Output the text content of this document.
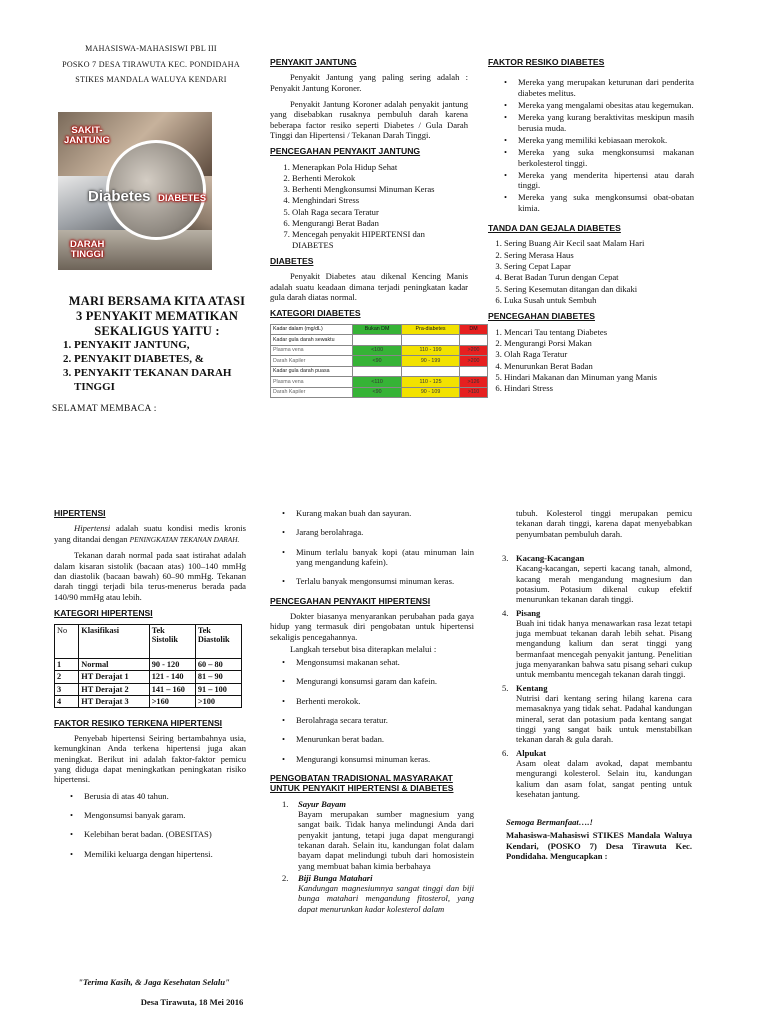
MAHASISWA-MAHASISWI PBL III
POSKO 7 DESA TIRAWUTA KEC. PONDIDAHA
STIKES MANDALA WALUYA KENDARI
SAKIT-
JANTUNG
Diabetes DIABETES
DARAH
TINGGI
MARI BERSAMA KITA ATASI
3 PENYAKIT MEMATIKAN
SEKALIGUS YAITU :
1. PENYAKIT JANTUNG,
2. PENYAKIT DIABETES, &
3. PENYAKIT TEKANAN DARAH TINGGI
SELAMAT MEMBACA :
PENYAKIT JANTUNG
Penyakit Jantung yang paling sering adalah : Penyakit Jantung Koroner.
Penyakit Jantung Koroner adalah penyakit jantung yang disebabkan rusaknya pembuluh darah karena beberapa factor resiko seperti Diabetes / Gula Darah Tinggi dan Hipertensi / Tekanan Darah Tinggi.
PENCEGAHAN PENYAKIT JANTUNG
1. Menerapkan Pola Hidup Sehat
2. Berhenti Merokok
3. Berhenti Mengkonsumsi Minuman Keras
4. Menghindari Stress
5. Olah Raga secara Teratur
6. Mengurangi Berat Badan
7. Mencegah penyakit HIPERTENSI dan DIABETES
DIABETES
Penyakit Diabetes atau dikenal Kencing Manis adalah suatu keadaan dimana terjadi peningkatan kadar gula darah diatas normal.
KATEGORI DIABETES
Kadar dalam (mg/dL)	Bukan DM	Pra-diabetes	DM
Kadar gula darah sewaktu			
Plasma vena	<100	110 - 199	>200
Darah Kapiler	<90	90 - 199	>200
Kadar gula darah puasa			
Plasma vena	<110	110 - 125	>126
Darah Kapiler	<90	90 - 109	>110
FAKTOR RESIKO DIABETES
• Mereka yang merupakan keturunan dari penderita diabetes melitus.
• Mereka yang mengalami obesitas atau kegemukan.
• Mereka yang kurang beraktivitas meskipun masih berusia muda.
• Mereka yang memiliki kebiasaan merokok.
• Mereka yang suka mengkonsumsi makanan berkolesterol tinggi.
• Mereka yang menderita hipertensi atau darah tinggi.
• Mereka yang suka mengkonsumsi obat-obatan kimia.
TANDA DAN GEJALA DIABETES
1. Sering Buang Air Kecil saat Malam Hari
2. Sering Merasa Haus
3. Sering Cepat Lapar
4. Berat Badan Turun dengan Cepat
5. Sering Kesemutan ditangan dan dikaki
6. Luka Susah untuk Sembuh
PENCEGAHAN DIABETES
1. Mencari Tau tentang Diabetes
2. Mengurangi Porsi Makan
3. Olah Raga Teratur
4. Menurunkan Berat Badan
5. Hindari Makanan dan Minuman yang Manis
6. Hindari Stress
HIPERTENSI
Hipertensi adalah suatu kondisi medis kronis yang ditandai dengan PENINGKATAN TEKANAN DARAH.
Tekanan darah normal pada saat istirahat adalah dalam kisaran sistolik (bacaan atas) 100–140 mmHg dan diastolik (bacaan bawah) 60–90 mmHg. Tekanan darah tinggi terjadi bila terus-menerus berada pada 140/90 mmHg atau lebih.
KATEGORI HIPERTENSI
No	Klasifikasi	Tek Sistolik	Tek Diastolik
1	Normal	90 - 120	60 – 80
2	HT Derajat 1	121 - 140	81 – 90
3	HT Derajat 2	141 – 160	91 – 100
4	HT Derajat 3	>160	>100
FAKTOR RESIKO TERKENA HIPERTENSI
Penyebab hipertensi Seiring bertambahnya usia, kemungkinan Anda terkena hipertensi juga akan meningkat. Berikut ini adalah faktor-faktor pemicu yang diduga dapat meningkatkan peningkatan risiko hipertensi.
• Berusia di atas 40 tahun.
• Mengonsumsi banyak garam.
• Kelebihan berat badan. (OBESITAS)
• Memiliki keluarga dengan hipertensi.
• Kurang makan buah dan sayuran.
• Jarang berolahraga.
• Minum terlalu banyak kopi (atau minuman lain yang mengandung kafein).
• Terlalu banyak mengonsumsi minuman keras.
PENCEGAHAN PENYAKIT HIPERTENSI
Dokter biasanya menyarankan perubahan pada gaya hidup yang termasuk diri pengobatan untuk hipertensi sekaligis pencegahannya.
Langkah tersebut bisa diterapkan melalui :
• Mengonsumsi makanan sehat.
• Mengurangi konsumsi garam dan kafein.
• Berhenti merokok.
• Berolahraga secara teratur.
• Menurunkan berat badan.
• Mengurangi konsumsi minuman keras.
PENGOBATAN TRADISIONAL MASYARAKAT UNTUK PENYAKIT HIPERTENSI & DIABETES
1. Sayur Bayam
Bayam merupakan sumber magnesium yang sangat baik. Tidak hanya melindungi Anda dari penyakit jantung, tetapi juga dapat mengurangi tekanan darah. Selain itu, kandungan folat dalam bayam dapat melindungi tubuh dari homosistein yang membuat bahan kimia berbahaya
2. Biji Bunga Matahari
Kandungan magnesiumnya sangat tinggi dan biji bunga matahari mengandung fitosterol, yang dapat menurunkan kadar kolesterol dalam
tubuh. Kolesterol tinggi merupakan pemicu tekanan darah tinggi, karena dapat menyebabkan penyumbatan pembuluh darah.
3. Kacang-Kacangan
Kacang-kacangan, seperti kacang tanah, almond, kacang merah mengandung magnesium dan potasium. Potasium dikenal cukup efektif menurunkan tekanan darah tinggi.
4. Pisang
Buah ini tidak hanya menawarkan rasa lezat tetapi juga membuat tekanan darah lebih sehat. Pisang mengandung kalium dan serat tinggi yang bermanfaat mencegah penyakit jantung. Penelitian juga menyarankan bahwa satu pisang sehari cukup untuk membantu mencegah tekanan darah tinggi.
5. Kentang
Nutrisi dari kentang sering hilang karena cara memasaknya yang tidak sehat. Padahal kandungan mineral, serat dan potasium pada kentang sangat tinggi yang sangat baik untuk menstabilkan tekanan darah & gula darah.
6. Alpukat
Asam oleat dalam avokad, dapat membantu mengurangi kolesterol. Selain itu, kandungan kalium dan asam folat, sangat penting untuk kesehatan jantung.
Semoga Bermanfaat….!
Mahasiswa-Mahasiswi STIKES Mandala Waluya Kendari, (POSKO 7) Desa Tirawuta Kec. Pondidaha. Mengucapkan :
"Terima Kasih, & Jaga Kesehatan Selalu"
Desa Tirawuta, 18 Mei 2016
